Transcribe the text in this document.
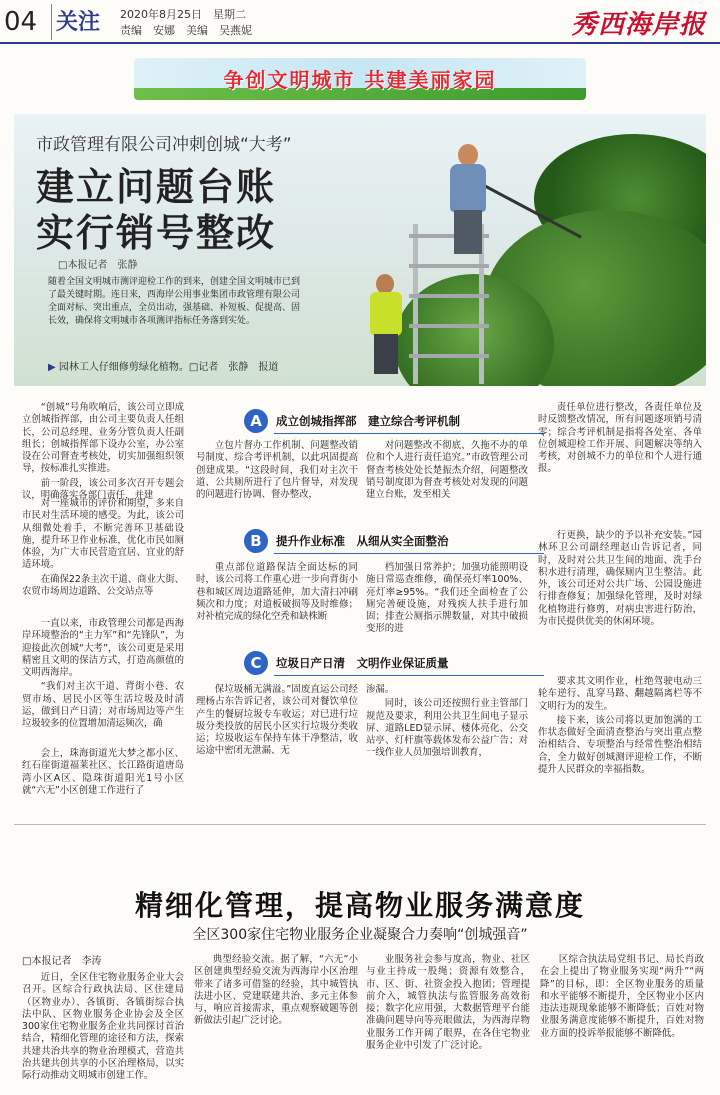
04 关注 2020年8月25日　星期二
责编　安娜　美编　吴燕妮	秀西海岸报
争创文明城市 共建美丽家园
市政管理有限公司冲刺创城“大考”
建立问题台账
实行销号整改
□本报记者　张静
随着全国文明城市测评迎检工作的到来，创建全国文明城市已到了最关键时期。连日来，西海岸公用事业集团市政管理有限公司全面对标、突出重点，全员出动，强基础、补短板、促提高、固长效，确保将文明城市各项测评指标任务落到实处。
▶ 园林工人仔细修剪绿化植物。□记者　张静　报道

“创城”号角吹响后，该公司立即成立创城指挥部，由公司主要负责人任组长，公司总经理、业务分管负责人任副组长；创城指挥部下设办公室，办公室设在公司督查考核处，切实加强组织领导，按标准扎实推进。

前一阶段，该公司多次召开专题会议，明确落实各部门责任，并建

对一座城市的评价和期望，多来自市民对生活环境的感受。为此，该公司从细微处着手，不断完善环卫基础设施，提升环卫作业标准，优化市民如厕体验，为广大市民营造宜居、宜业的舒适环境。

在确保22条主次干道、商业大街、农贸市场周边道路、公交站点等

一直以来，市政管理公司都是西海岸环境整治的“主力军”和“先锋队”，为迎接此次创城“大考”，该公司更是采用精密且文明的保洁方式，打造高颜值的文明西海岸。

“我们对主次干道、背街小巷、农贸市场、居民小区等生活垃圾及时清运，做到日产日清；对市场周边等产生垃圾较多的位置增加清运频次，确

A	成立创城指挥部　建立综合考评机制

立包片督办工作机制、问题整改销号制度、综合考评机制，以此巩固提高创建成果。“这段时间，我们对主次干道、公共厕所进行了包片督导，对发现的问题进行协调、督办整改，

对问题整改不彻底、久拖不办的单位和个人进行责任追究。”市政管理公司督查考核处处长楚振杰介绍，问题整改销号制度即为督查考核处对发现的问题建立台账，发至相关

责任单位进行整改，各责任单位及时反馈整改情况，所有问题逐项销号清零；综合考评机制是指将各处室、各单位创城迎检工作开展、问题解决等纳入考核，对创城不力的单位和个人进行通报。

B	提升作业标准　从细从实全面整治

重点部位道路保洁全面达标的同时，该公司将工作重心进一步向背街小巷和城区周边道路延伸，加大清扫冲刷频次和力度；对道板破损等及时维修；对补植完成的绿化空秃和缺株断

档加强日常养护；加强功能照明设施日常巡查维修，确保亮灯率100%、亮灯率≥95%。“我们还全面检查了公厕完善硬设施，对残疾人扶手进行加固；排查公厕指示牌数量，对其中破损变形的进

行更换，缺少的予以补充安装。”园林环卫公司副经理赵山告诉记者，同时，及时对公共卫生间的地面、洗手台积水进行清理，确保厕内卫生整洁。此外，该公司还对公共广场、公园设施进行排查修复；加强绿化管理，及时对绿化植物进行修剪，对病虫害进行防治，为市民提供优美的休闲环境。

C	垃圾日产日清　文明作业保证质量

保垃圾桶无满溢。”固废直运公司经理杨占东告诉记者，该公司对餐饮单位产生的餐厨垃圾专车收运；对已进行垃圾分类投放的居民小区实行垃圾分类收运；垃圾收运车保持车体干净整洁，收运途中密闭无泄漏、无

渗漏。

同时，该公司还按照行业主管部门规范及要求，利用公共卫生间电子显示屏、道路LED显示屏、楼体亮化、公交站亭、灯杆旗等载体发布公益广告；对一线作业人员加强培训教育，

要求其文明作业，杜绝驾驶电动三轮车逆行、乱穿马路、翻越隔离栏等不文明行为的发生。

接下来，该公司将以更加饱满的工作状态做好全面清查整治与突出重点整治相结合、专项整治与经常性整治相结合，全力做好创城测评迎检工作，不断提升人民群众的幸福指数。

会上，珠海街道光大梦之都小区、红石崖街道福莱社区、长江路街道唐岛湾小区A区、隐珠街道阳光1号小区就“六无”小区创建工作进行了

精细化管理，提高物业服务满意度
全区300家住宅物业服务企业凝聚合力奏响“创城强音”
□本报记者　李涛

近日，全区住宅物业服务企业大会召开。区综合行政执法局、区住建局（区物业办）、各镇街、各镇街综合执法中队、区物业服务企业协会及全区300家住宅物业服务企业共同探讨首治结合，精细化管理的途径和方法，探索共建共治共享的物业治理模式，营造共治共建共创共享的小区治理格局，以实际行动推动文明城市创建工作。

典型经验交流。据了解，“六无”小区创建典型经验交流为西海岸小区治理带来了诸多可借鉴的经验，其中城管执法进小区、党建联建共治、多元主体参与，响应首接需求，重点观察破题等创新做法引起广泛讨论。

业服务社会参与度高，物业、社区与业主持成一股绳；资源有效整合，市、区、街、社资金投入抱团；管理提前介入，城管执法与监管服务高效衔接；数字化应用强，大数据管理平台能准确问题导向等亮眼做法，为西海岸物业服务工作开阔了眼界，在各住宅物业服务企业中引发了广泛讨论。

区综合执法局党组书记、局长肖政在会上提出了物业服务实现“两升”“两降”的目标，即：全区物业服务的质量和水平能够不断提升，全区物业小区内违法违规现象能够不断降低；百姓对物业服务满意度能够不断提升，百姓对物业方面的投诉举报能够不断降低。
